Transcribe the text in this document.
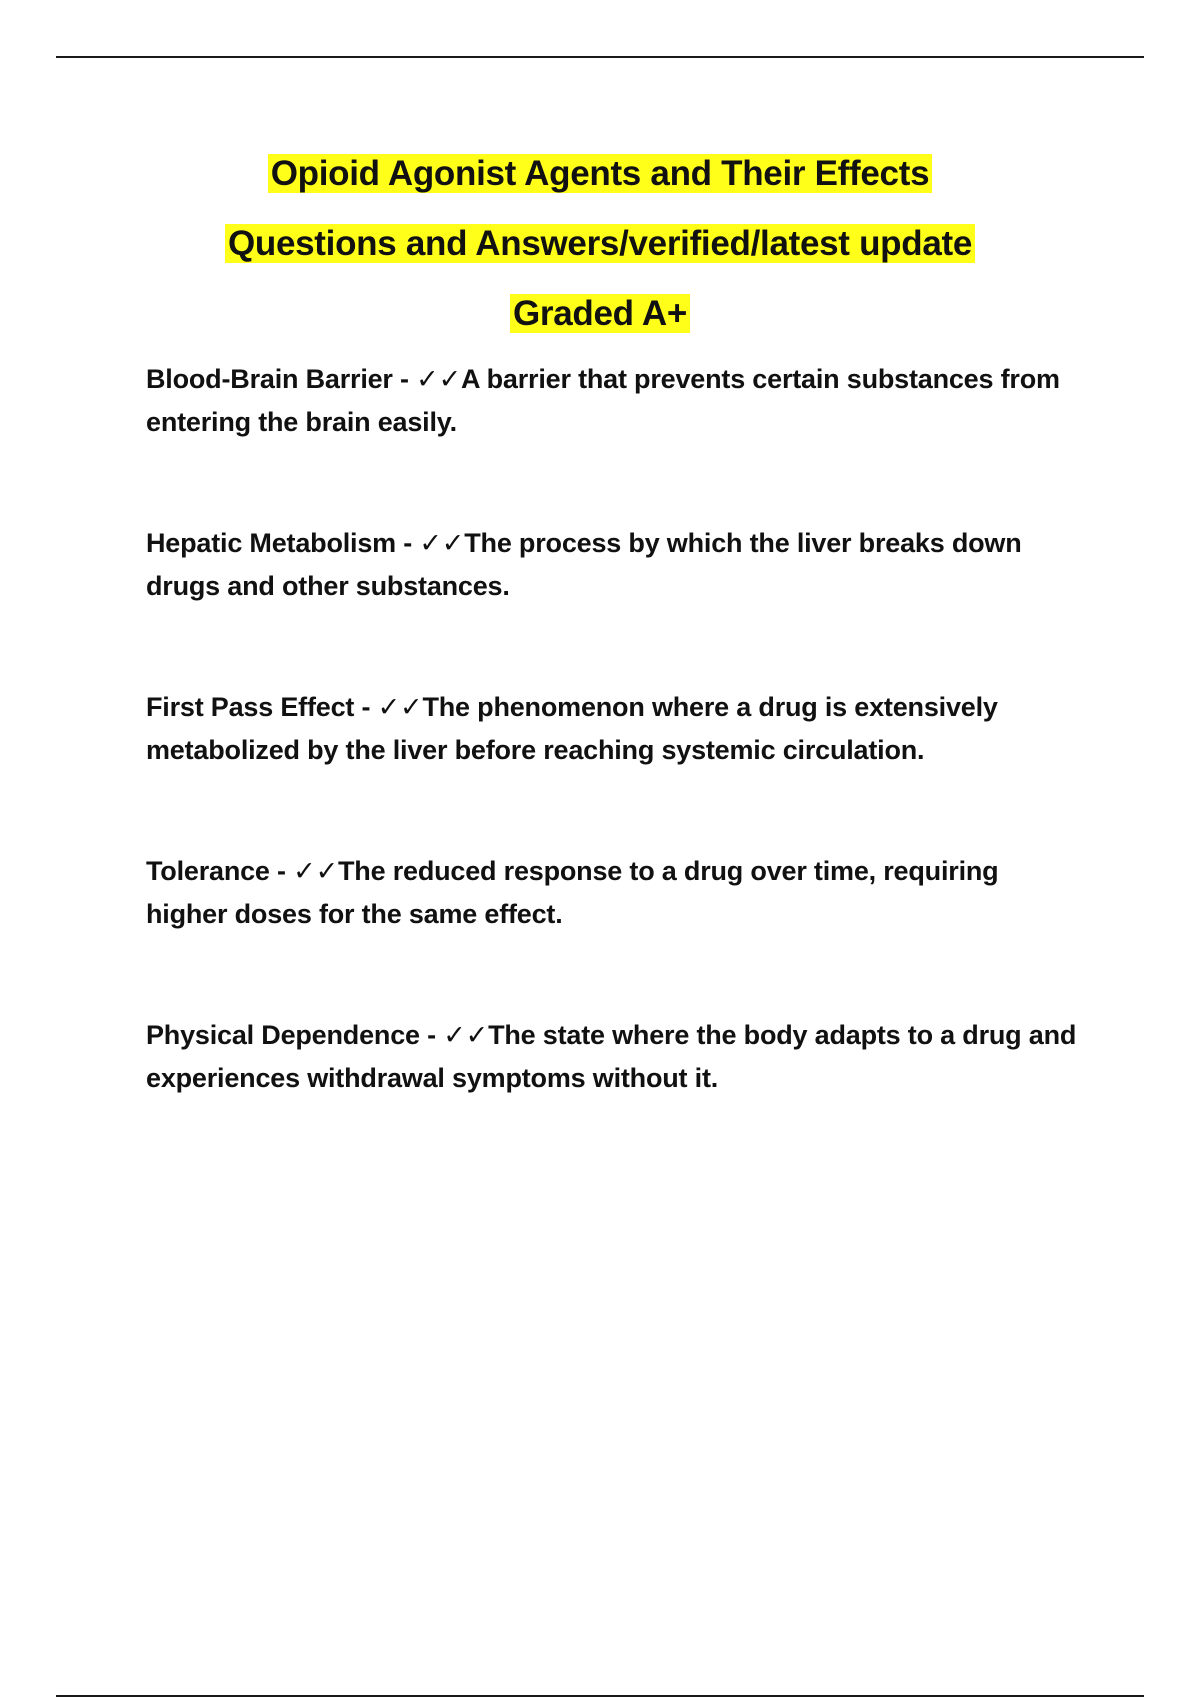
Opioid Agonist Agents and Their Effects
Questions and Answers/verified/latest update
Graded A+

Blood-Brain Barrier - ✓✓A barrier that prevents certain substances from entering the brain easily.

Hepatic Metabolism - ✓✓The process by which the liver breaks down drugs and other substances.

First Pass Effect - ✓✓The phenomenon where a drug is extensively metabolized by the liver before reaching systemic circulation.

Tolerance - ✓✓The reduced response to a drug over time, requiring higher doses for the same effect.

Physical Dependence - ✓✓The state where the body adapts to a drug and experiences withdrawal symptoms without it.
